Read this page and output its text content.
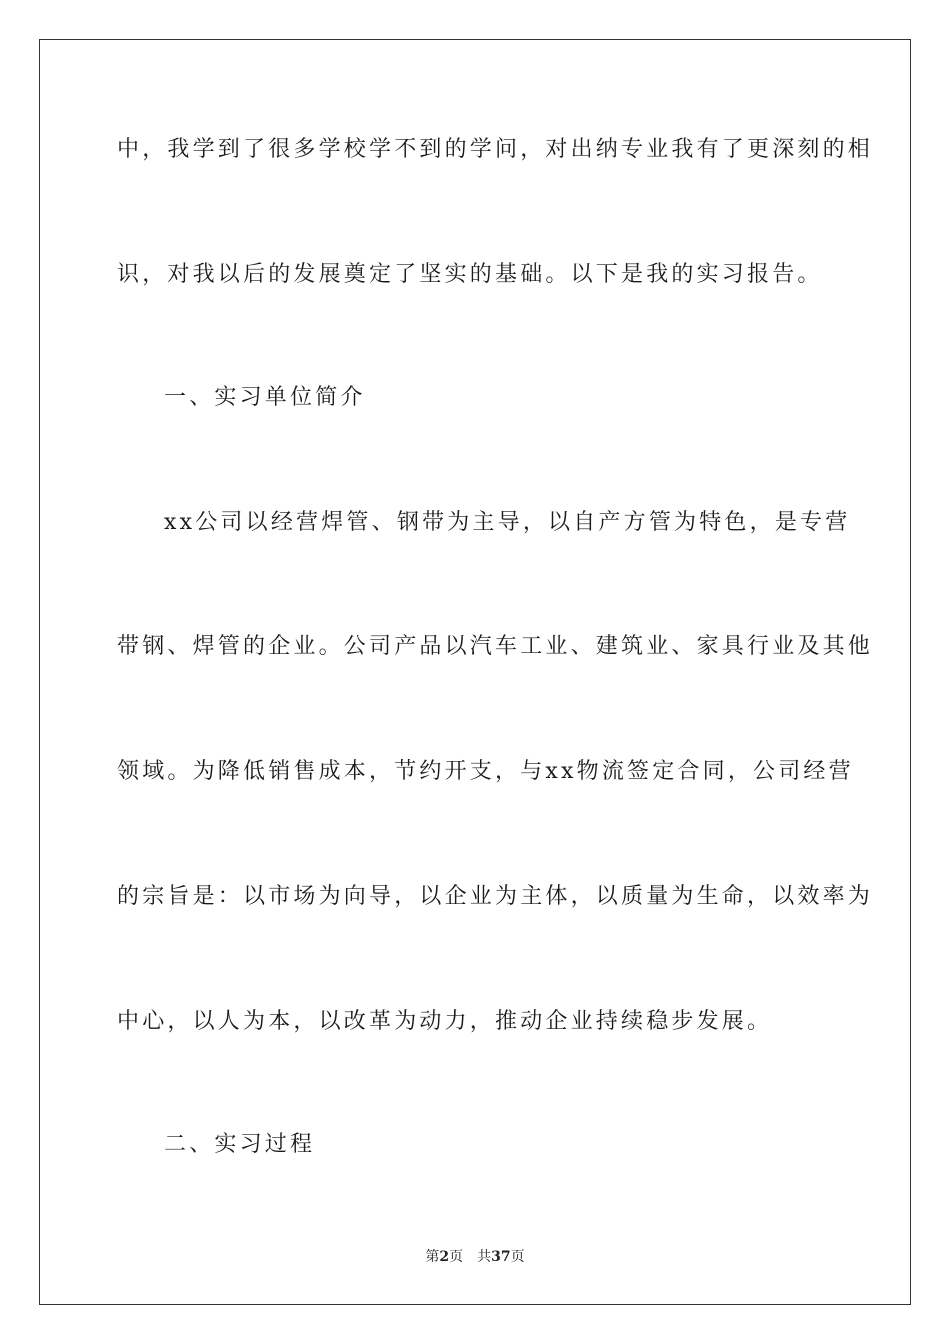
中，我学到了很多学校学不到的学问，对出纳专业我有了更深刻的相
识，对我以后的发展奠定了坚实的基础。以下是我的实习报告。
一、实习单位简介
xx公司以经营焊管、钢带为主导，以自产方管为特色，是专营
带钢、焊管的企业。公司产品以汽车工业、建筑业、家具行业及其他
领域。为降低销售成本，节约开支，与xx物流签定合同，公司经营
的宗旨是：以市场为向导，以企业为主体，以质量为生命，以效率为
中心，以人为本，以改革为动力，推动企业持续稳步发展。
二、实习过程
第2页 共37页
